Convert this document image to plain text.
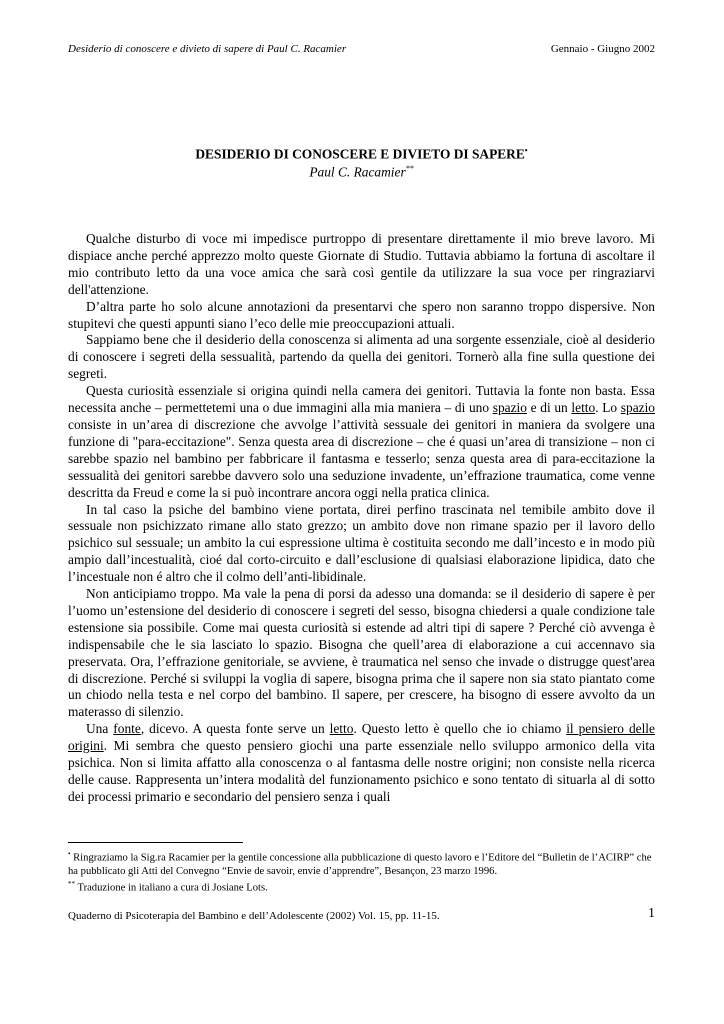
Desiderio di conoscere e divieto di sapere di Paul C. Racamier	Gennaio - Giugno 2002
DESIDERIO DI CONOSCERE E DIVIETO DI SAPERE•
Paul C. Racamier**

Qualche disturbo di voce mi impedisce purtroppo di presentare direttamente il mio breve lavoro. Mi dispiace anche perché apprezzo molto queste Giornate di Studio. Tuttavia abbiamo la fortuna di ascoltare il mio contributo letto da una voce amica che sarà così gentile da utilizzare la sua voce per ringraziarvi dell'attenzione.

D’altra parte ho solo alcune annotazioni da presentarvi che spero non saranno troppo dispersive. Non stupitevi che questi appunti siano l’eco delle mie preoccupazioni attuali.

Sappiamo bene che il desiderio della conoscenza si alimenta ad una sorgente essenziale, cioè al desiderio di conoscere i segreti della sessualità, partendo da quella dei genitori. Tornerò alla fine sulla questione dei segreti.

Questa curiosità essenziale si origina quindi nella camera dei genitori. Tuttavia la fonte non basta. Essa necessita anche – permettetemi una o due immagini alla mia maniera – di uno spazio e di un letto. Lo spazio consiste in un’area di discrezione che avvolge l’attività sessuale dei genitori in maniera da svolgere una funzione di "para-eccitazione". Senza questa area di discrezione – che é quasi un’area di transizione – non ci sarebbe spazio nel bambino per fabbricare il fantasma e tesserlo; senza questa area di para-eccitazione la sessualità dei genitori sarebbe davvero solo una seduzione invadente, un’effrazione traumatica, come venne descritta da Freud e come la si può incontrare ancora oggi nella pratica clinica.

In tal caso la psiche del bambino viene portata, direi perfino trascinata nel temibile ambito dove il sessuale non psichizzato rimane allo stato grezzo; un ambito dove non rimane spazio per il lavoro dello psichico sul sessuale; un ambito la cui espressione ultima è costituita secondo me dall’incesto e in modo più ampio dall’incestualità, cioé dal corto-circuito e dall’esclusione di qualsiasi elaborazione lipidica, dato che l’incestuale non é altro che il colmo dell’anti-libidinale.

Non anticipiamo troppo. Ma vale la pena di porsi da adesso una domanda: se il desiderio di sapere è per l’uomo un’estensione del desiderio di conoscere i segreti del sesso, bisogna chiedersi a quale condizione tale estensione sia possibile. Come mai questa curiosità si estende ad altri tipi di sapere ? Perché ciò avvenga è indispensabile che le sia lasciato lo spazio. Bisogna che quell’area di elaborazione a cui accennavo sia preservata. Ora, l’effrazione genitoriale, se avviene, è traumatica nel senso che invade o distrugge quest'area di discrezione. Perché si sviluppi la voglia di sapere, bisogna prima che il sapere non sia stato piantato come un chiodo nella testa e nel corpo del bambino. Il sapere, per crescere, ha bisogno di essere avvolto da un materasso di silenzio.

Una fonte, dicevo. A questa fonte serve un letto. Questo letto è quello che io chiamo il pensiero delle origini. Mi sembra che questo pensiero giochi una parte essenziale nello sviluppo armonico della vita psichica. Non si limita affatto alla conoscenza o al fantasma delle nostre origini; non consiste nella ricerca delle cause. Rappresenta un’intera modalità del funzionamento psichico e sono tentato di situarla al di sotto dei processi primario e secondario del pensiero senza i quali

• Ringraziamo la Sig.ra Racamier per la gentile concessione alla pubblicazione di questo lavoro e l’Editore del “Bulletin de l’ACIRP” che ha pubblicato gli Atti del Convegno “Envie de savoir, envie d’apprendre”, Besançon, 23 marzo 1996.
** Traduzione in italiano a cura di Josiane Lots.
Quaderno di Psicoterapia del Bambino e dell’Adolescente (2002) Vol. 15, pp. 11-15.	1
